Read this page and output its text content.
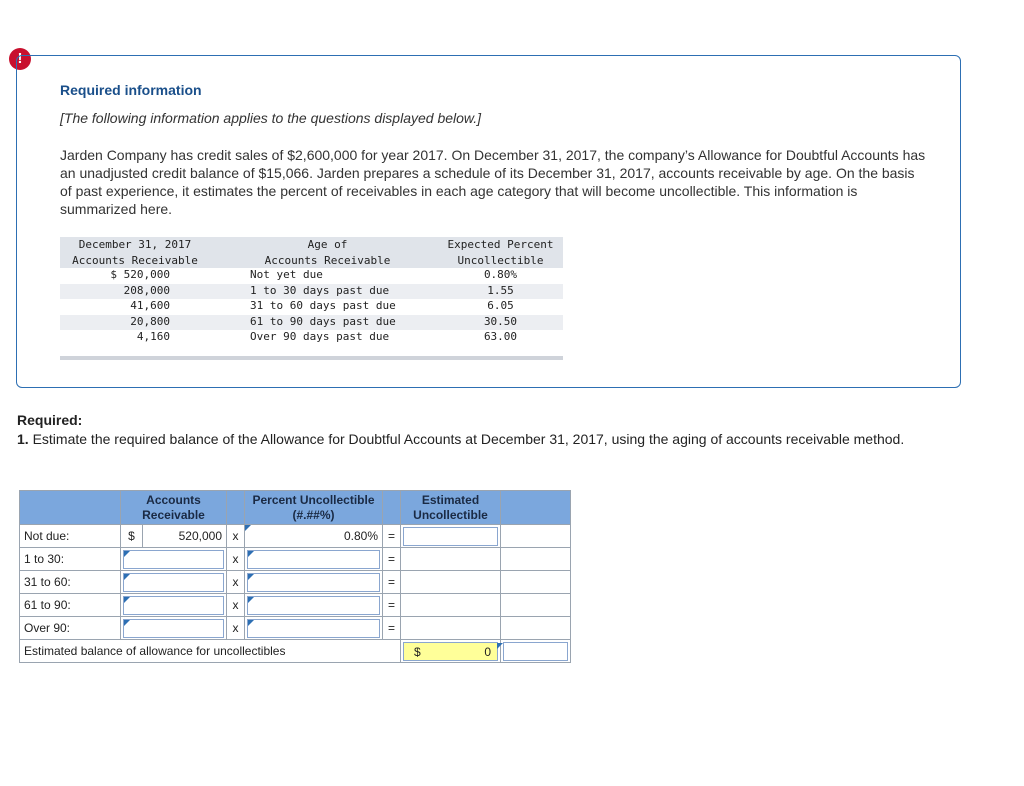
!
Required information
[The following information applies to the questions displayed below.]
Jarden Company has credit sales of $2,600,000 for year 2017. On December 31, 2017, the company’s Allowance for Doubtful Accounts has an unadjusted credit balance of $15,066. Jarden prepares a schedule of its December 31, 2017, accounts receivable by age. On the basis of past experience, it estimates the percent of receivables in each age category that will become uncollectible. This information is summarized here.
December 31, 2017
Accounts Receivable
Age of
Accounts Receivable
Expected Percent
Uncollectible
$ 520,000	Not yet due	0.80%
208,000	1 to 30 days past due	1.55
41,600	31 to 60 days past due	6.05
20,800	61 to 90 days past due	30.50
4,160	Over 90 days past due	63.00
Required:
1. Estimate the required balance of the Allowance for Doubtful Accounts at December 31, 2017, using the aging of accounts receivable method.
	Accounts Receivable			Percent Uncollectible (#.##%)		Estimated Uncollectible	
Not due:	$	520,000	x	0.80%	=	

1 to 30:			x		=		
31 to 60:			x		=		
61 to 90:			x		=		
Over 90:			x		=		
Estimated balance of allowance for uncollectibles						$ 0	
